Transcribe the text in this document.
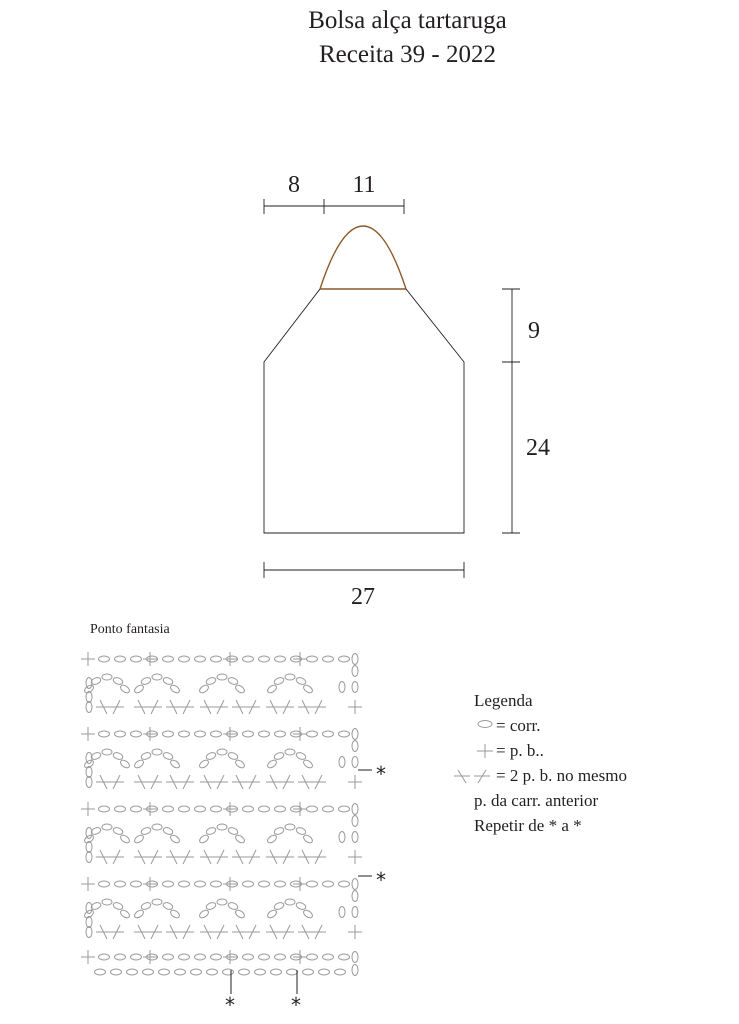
Bolsa alça tartaruga
Receita 39 - 2022
8 11
9
24
27
Ponto fantasia
*
*
*	*
Legenda
= corr.
= p. b..
= 2 p. b. no mesmo
p. da carr. anterior
Repetir de * a *
